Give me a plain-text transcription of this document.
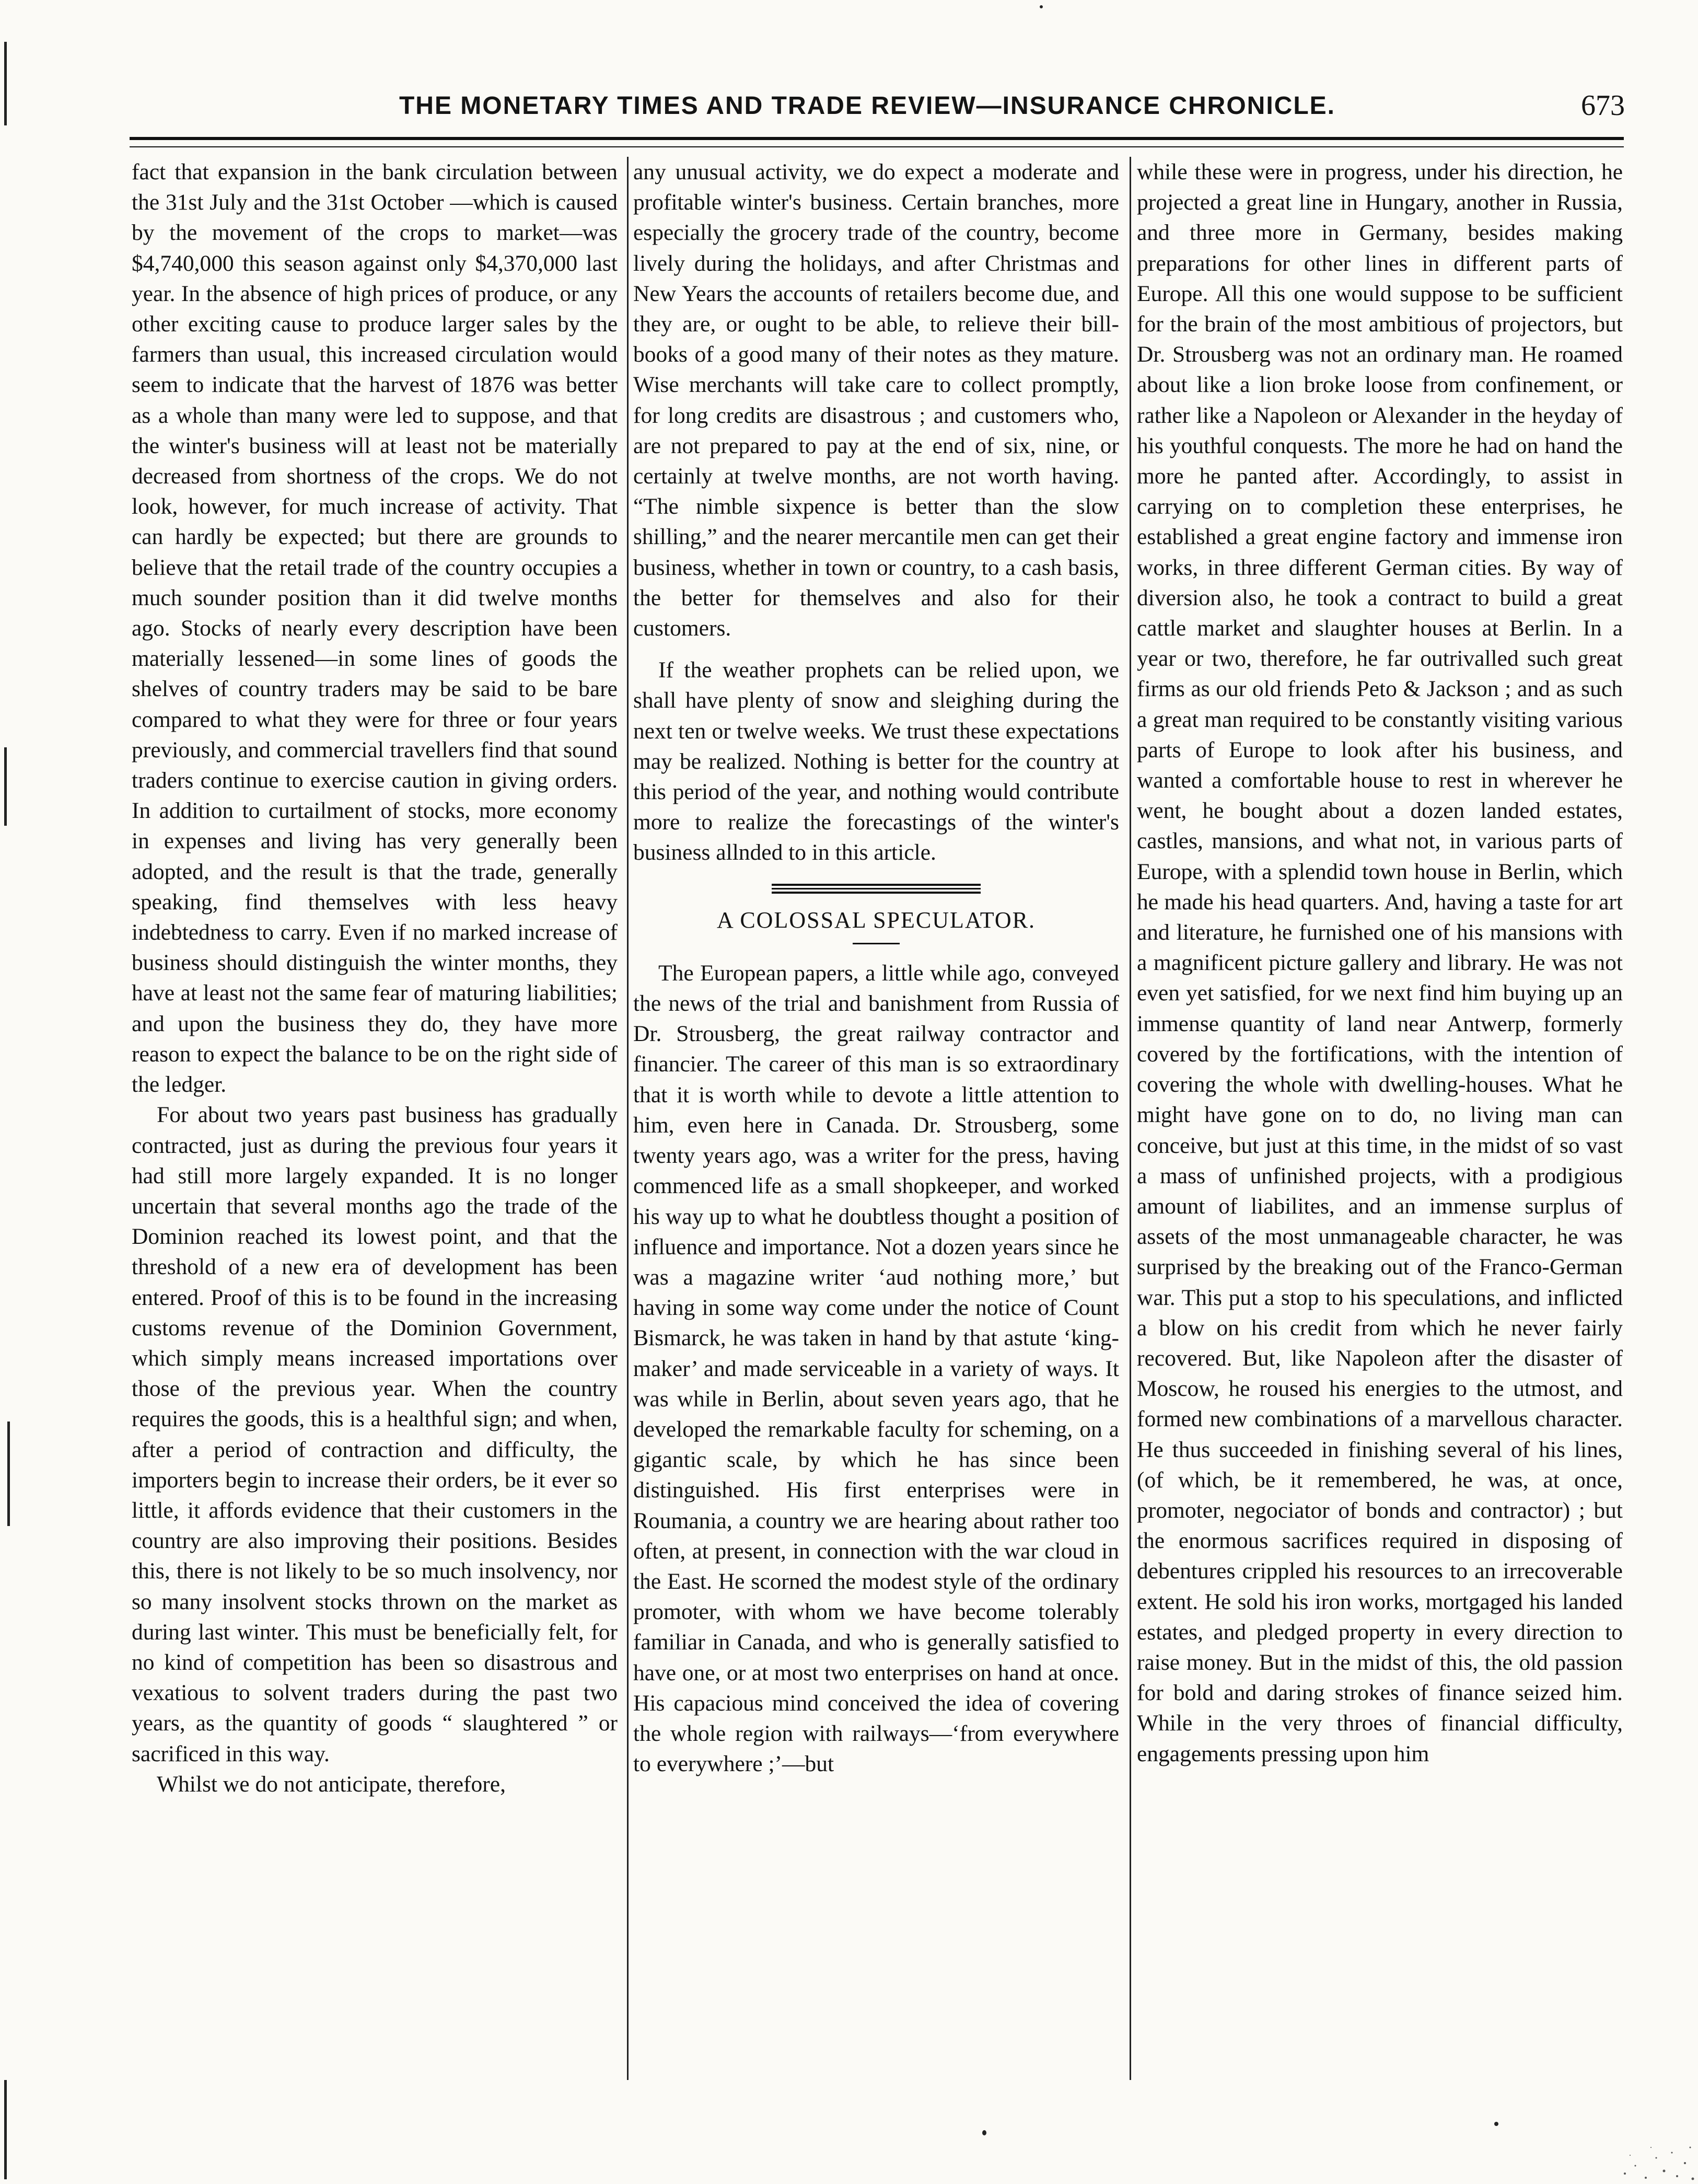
THE MONETARY TIMES AND TRADE REVIEW—INSURANCE CHRONICLE.	673

fact that expansion in the bank circulation between the 31st July and the 31st October —which is caused by the movement of the crops to market—was $4,740,000 this season against only $4,370,000 last year. In the absence of high prices of produce, or any other exciting cause to produce larger sales by the farmers than usual, this increased circulation would seem to indicate that the harvest of 1876 was better as a whole than many were led to suppose, and that the winter's business will at least not be materially decreased from shortness of the crops. We do not look, however, for much increase of activity. That can hardly be expected; but there are grounds to believe that the retail trade of the country occupies a much sounder position than it did twelve months ago. Stocks of nearly every description have been materially lessened—in some lines of goods the shelves of country traders may be said to be bare compared to what they were for three or four years previously, and commercial travellers find that sound traders continue to exercise caution in giving orders. In addition to curtailment of stocks, more economy in expenses and living has very generally been adopted, and the result is that the trade, generally speaking, find themselves with less heavy indebtedness to carry. Even if no marked increase of business should distinguish the winter months, they have at least not the same fear of maturing liabilities; and upon the business they do, they have more reason to expect the balance to be on the right side of the ledger.

For about two years past business has gradually contracted, just as during the previous four years it had still more largely expanded. It is no longer uncertain that several months ago the trade of the Dominion reached its lowest point, and that the threshold of a new era of development has been entered. Proof of this is to be found in the increasing customs revenue of the Dominion Government, which simply means increased importations over those of the previous year. When the country requires the goods, this is a healthful sign; and when, after a period of contraction and difficulty, the importers begin to increase their orders, be it ever so little, it affords evidence that their customers in the country are also improving their positions. Besides this, there is not likely to be so much insolvency, nor so many insolvent stocks thrown on the market as during last winter. This must be beneficially felt, for no kind of competition has been so disastrous and vexatious to solvent traders during the past two years, as the quantity of goods “ slaughtered ” or sacrificed in this way.

Whilst we do not anticipate, therefore,

any unusual activity, we do expect a moderate and profitable winter's business. Certain branches, more especially the grocery trade of the country, become lively during the holidays, and after Christmas and New Years the accounts of retailers become due, and they are, or ought to be able, to relieve their bill-books of a good many of their notes as they mature. Wise merchants will take care to collect promptly, for long credits are disastrous ; and customers who, are not prepared to pay at the end of six, nine, or certainly at twelve months, are not worth having. “The nimble sixpence is better than the slow shilling,” and the nearer mercantile men can get their business, whether in town or country, to a cash basis, the better for themselves and also for their customers.

If the weather prophets can be relied upon, we shall have plenty of snow and sleighing during the next ten or twelve weeks. We trust these expectations may be realized. Nothing is better for the country at this period of the year, and nothing would contribute more to realize the forecastings of the winter's business allnded to in this article.

A COLOSSAL SPECULATOR.

The European papers, a little while ago, conveyed the news of the trial and banishment from Russia of Dr. Strousberg, the great railway contractor and financier. The career of this man is so extraordinary that it is worth while to devote a little attention to him, even here in Canada. Dr. Strousberg, some twenty years ago, was a writer for the press, having commenced life as a small shopkeeper, and worked his way up to what he doubtless thought a position of influence and importance. Not a dozen years since he was a magazine writer ‘aud nothing more,’ but having in some way come under the notice of Count Bismarck, he was taken in hand by that astute ‘king-maker’ and made serviceable in a variety of ways. It was while in Berlin, about seven years ago, that he developed the remarkable faculty for scheming, on a gigantic scale, by which he has since been distinguished. His first enterprises were in Roumania, a country we are hearing about rather too often, at present, in connection with the war cloud in the East. He scorned the modest style of the ordinary promoter, with whom we have become tolerably familiar in Canada, and who is generally satisfied to have one, or at most two enterprises on hand at once. His capacious mind conceived the idea of covering the whole region with railways—‘from everywhere to everywhere ;’—but

while these were in progress, under his direction, he projected a great line in Hungary, another in Russia, and three more in Germany, besides making preparations for other lines in different parts of Europe. All this one would suppose to be sufficient for the brain of the most ambitious of projectors, but Dr. Strousberg was not an ordinary man. He roamed about like a lion broke loose from confinement, or rather like a Napoleon or Alexander in the heyday of his youthful conquests. The more he had on hand the more he panted after. Accordingly, to assist in carrying on to completion these enterprises, he established a great engine factory and immense iron works, in three different German cities. By way of diversion also, he took a contract to build a great cattle market and slaughter houses at Berlin. In a year or two, therefore, he far outrivalled such great firms as our old friends Peto & Jackson ; and as such a great man required to be constantly visiting various parts of Europe to look after his business, and wanted a comfortable house to rest in wherever he went, he bought about a dozen landed estates, castles, mansions, and what not, in various parts of Europe, with a splendid town house in Berlin, which he made his head quarters. And, having a taste for art and literature, he furnished one of his mansions with a magnificent picture gallery and library. He was not even yet satisfied, for we next find him buying up an immense quantity of land near Antwerp, formerly covered by the fortifications, with the intention of covering the whole with dwelling-houses. What he might have gone on to do, no living man can conceive, but just at this time, in the midst of so vast a mass of unfinished projects, with a prodigious amount of liabilites, and an immense surplus of assets of the most unmanageable character, he was surprised by the breaking out of the Franco-German war. This put a stop to his speculations, and inflicted a blow on his credit from which he never fairly recovered. But, like Napoleon after the disaster of Moscow, he roused his energies to the utmost, and formed new combinations of a marvellous character. He thus succeeded in finishing several of his lines, (of which, be it remembered, he was, at once, promoter, negociator of bonds and contractor) ; but the enormous sacrifices required in disposing of debentures crippled his resources to an irrecoverable extent. He sold his iron works, mortgaged his landed estates, and pledged property in every direction to raise money. But in the midst of this, the old passion for bold and daring strokes of finance seized him. While in the very throes of financial difficulty, engagements pressing upon him
